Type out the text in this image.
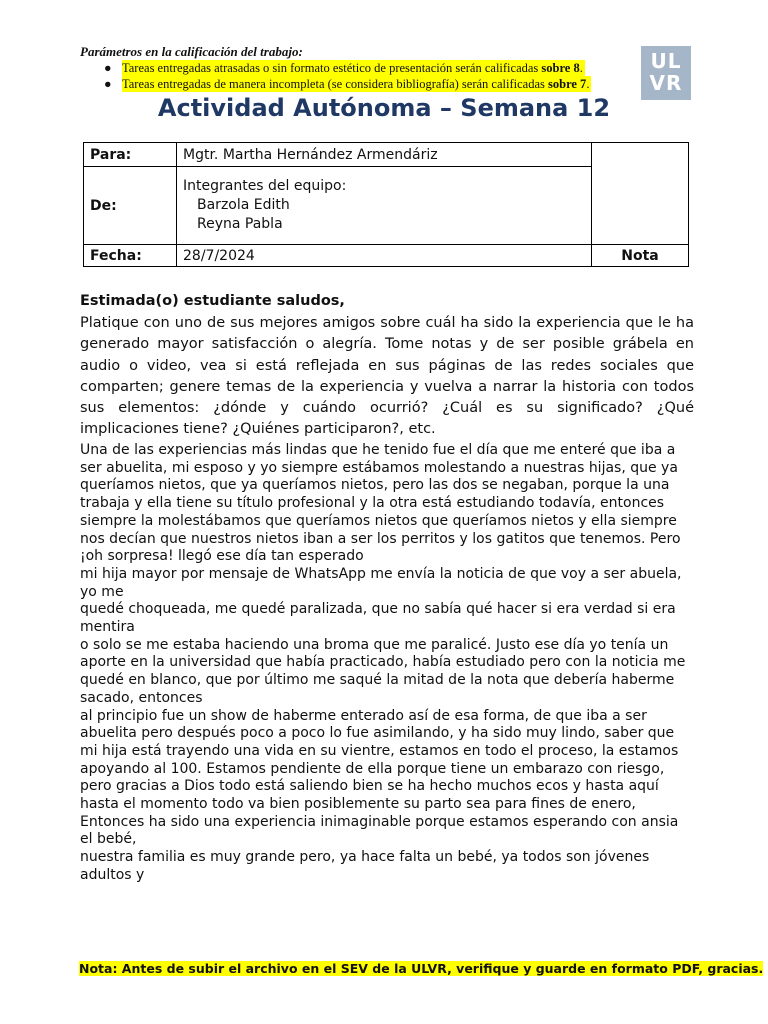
Parámetros en la calificación del trabajo:
● Tareas entregadas atrasadas o sin formato estético de presentación serán calificadas sobre 8.
● Tareas entregadas de manera incompleta (se considera bibliografía) serán calificadas sobre 7.
UL
VR
Actividad Autónoma – Semana 12
Para:	Mgtr. Martha Hernández Armendáriz	
De:	Integrantes del equipo:
Barzola Edith
Reyna Pabla	

Fecha:	28/7/2024	Nota
Estimada(o) estudiante saludos,
Platique con uno de sus mejores amigos sobre cuál ha sido la experiencia que le ha generado mayor satisfacción o alegría. Tome notas y de ser posible grábela en audio o video, vea si está reflejada en sus páginas de las redes sociales que comparten; genere temas de la experiencia y vuelva a narrar la historia con todos sus elementos: ¿dónde y cuándo ocurrió? ¿Cuál es su significado? ¿Qué implicaciones tiene? ¿Quiénes participaron?, etc.

Una de las experiencias más lindas que he tenido fue el día que me enteré que iba a ser abuelita, mi esposo y yo siempre estábamos molestando a nuestras hijas, que ya queríamos nietos, que ya queríamos nietos, pero las dos se negaban, porque la una trabaja y ella tiene su título profesional y la otra está estudiando todavía, entonces siempre la molestábamos que queríamos nietos que queríamos nietos y ella siempre nos decían que nuestros nietos iban a ser los perritos y los gatitos que tenemos. Pero ¡oh sorpresa! llegó ese día tan esperado

mi hija mayor por mensaje de WhatsApp me envía la noticia de que voy a ser abuela, yo me

quedé choqueada, me quedé paralizada, que no sabía qué hacer si era verdad si era mentira

o solo se me estaba haciendo una broma que me paralicé. Justo ese día yo tenía un aporte en la universidad que había practicado, había estudiado pero con la noticia me quedé en blanco, que por último me saqué la mitad de la nota que debería haberme sacado, entonces

al principio fue un show de haberme enterado así de esa forma, de que iba a ser abuelita pero después poco a poco lo fue asimilando, y ha sido muy lindo, saber que mi hija está trayendo una vida en su vientre, estamos en todo el proceso, la estamos apoyando al 100. Estamos pendiente de ella porque tiene un embarazo con riesgo, pero gracias a Dios todo está saliendo bien se ha hecho muchos ecos y hasta aquí hasta el momento todo va bien posiblemente su parto sea para fines de enero,

Entonces ha sido una experiencia inimaginable porque estamos esperando con ansia el bebé,

nuestra familia es muy grande pero, ya hace falta un bebé, ya todos son jóvenes adultos y

Nota: Antes de subir el archivo en el SEV de la ULVR, verifique y guarde en formato PDF, gracias.
